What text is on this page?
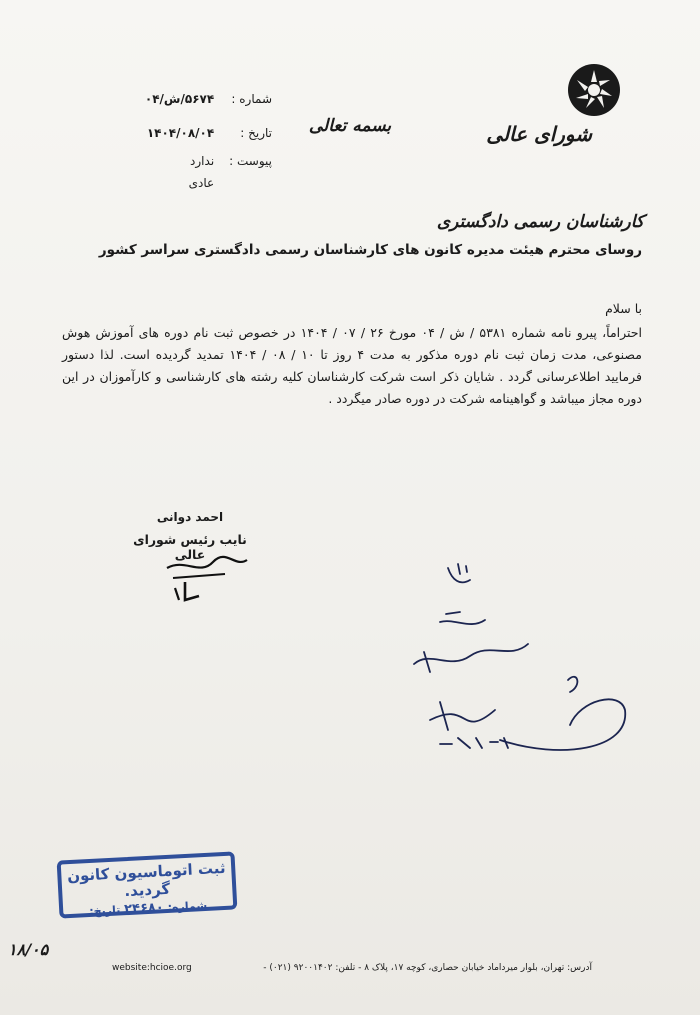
شورای عالی
کارشناسان رسمی دادگستری
بسمه تعالی
شماره : ۵۶۷۴/ش/۰۴
تاریخ : ۱۴۰۴/۰۸/۰۴
پیوست : ندارد
عادی
روسای محترم هیئت مدیره کانون های کارشناسان رسمی دادگستری سراسر کشور
با سلام
احتراماً، پیرو نامه شماره ۵۳۸۱ / ش / ۰۴ مورخ ۲۶ / ۰۷ / ۱۴۰۴ در خصوص ثبت نام دوره های آموزش هوش مصنوعی، مدت زمان ثبت نام دوره مذکور به مدت ۴ روز تا ۱۰ / ۰۸ / ۱۴۰۴ تمدید گردیده است. لذا دستور فرمایید اطلاعرسانی گردد . شایان ذکر است شرکت کارشناسان کلیه رشته های کارشناسی و کارآموزان در این دوره مجاز میباشد و گواهینامه شرکت در دوره صادر میگردد .
احمد دوانی
نایب رئیس شورای عالی
ثبت اتوماسیون کانون گردید.
شماره: ۲۴۶۸۰ تاریخ:
۱۸/۰۵
website:hcioe.org	آدرس: تهران، بلوار میرداماد خیابان حصاری، کوچه ۱۷، پلاک ۸ - تلفن: ۹۲۰۰۱۴۰۲ (۰۲۱) -
